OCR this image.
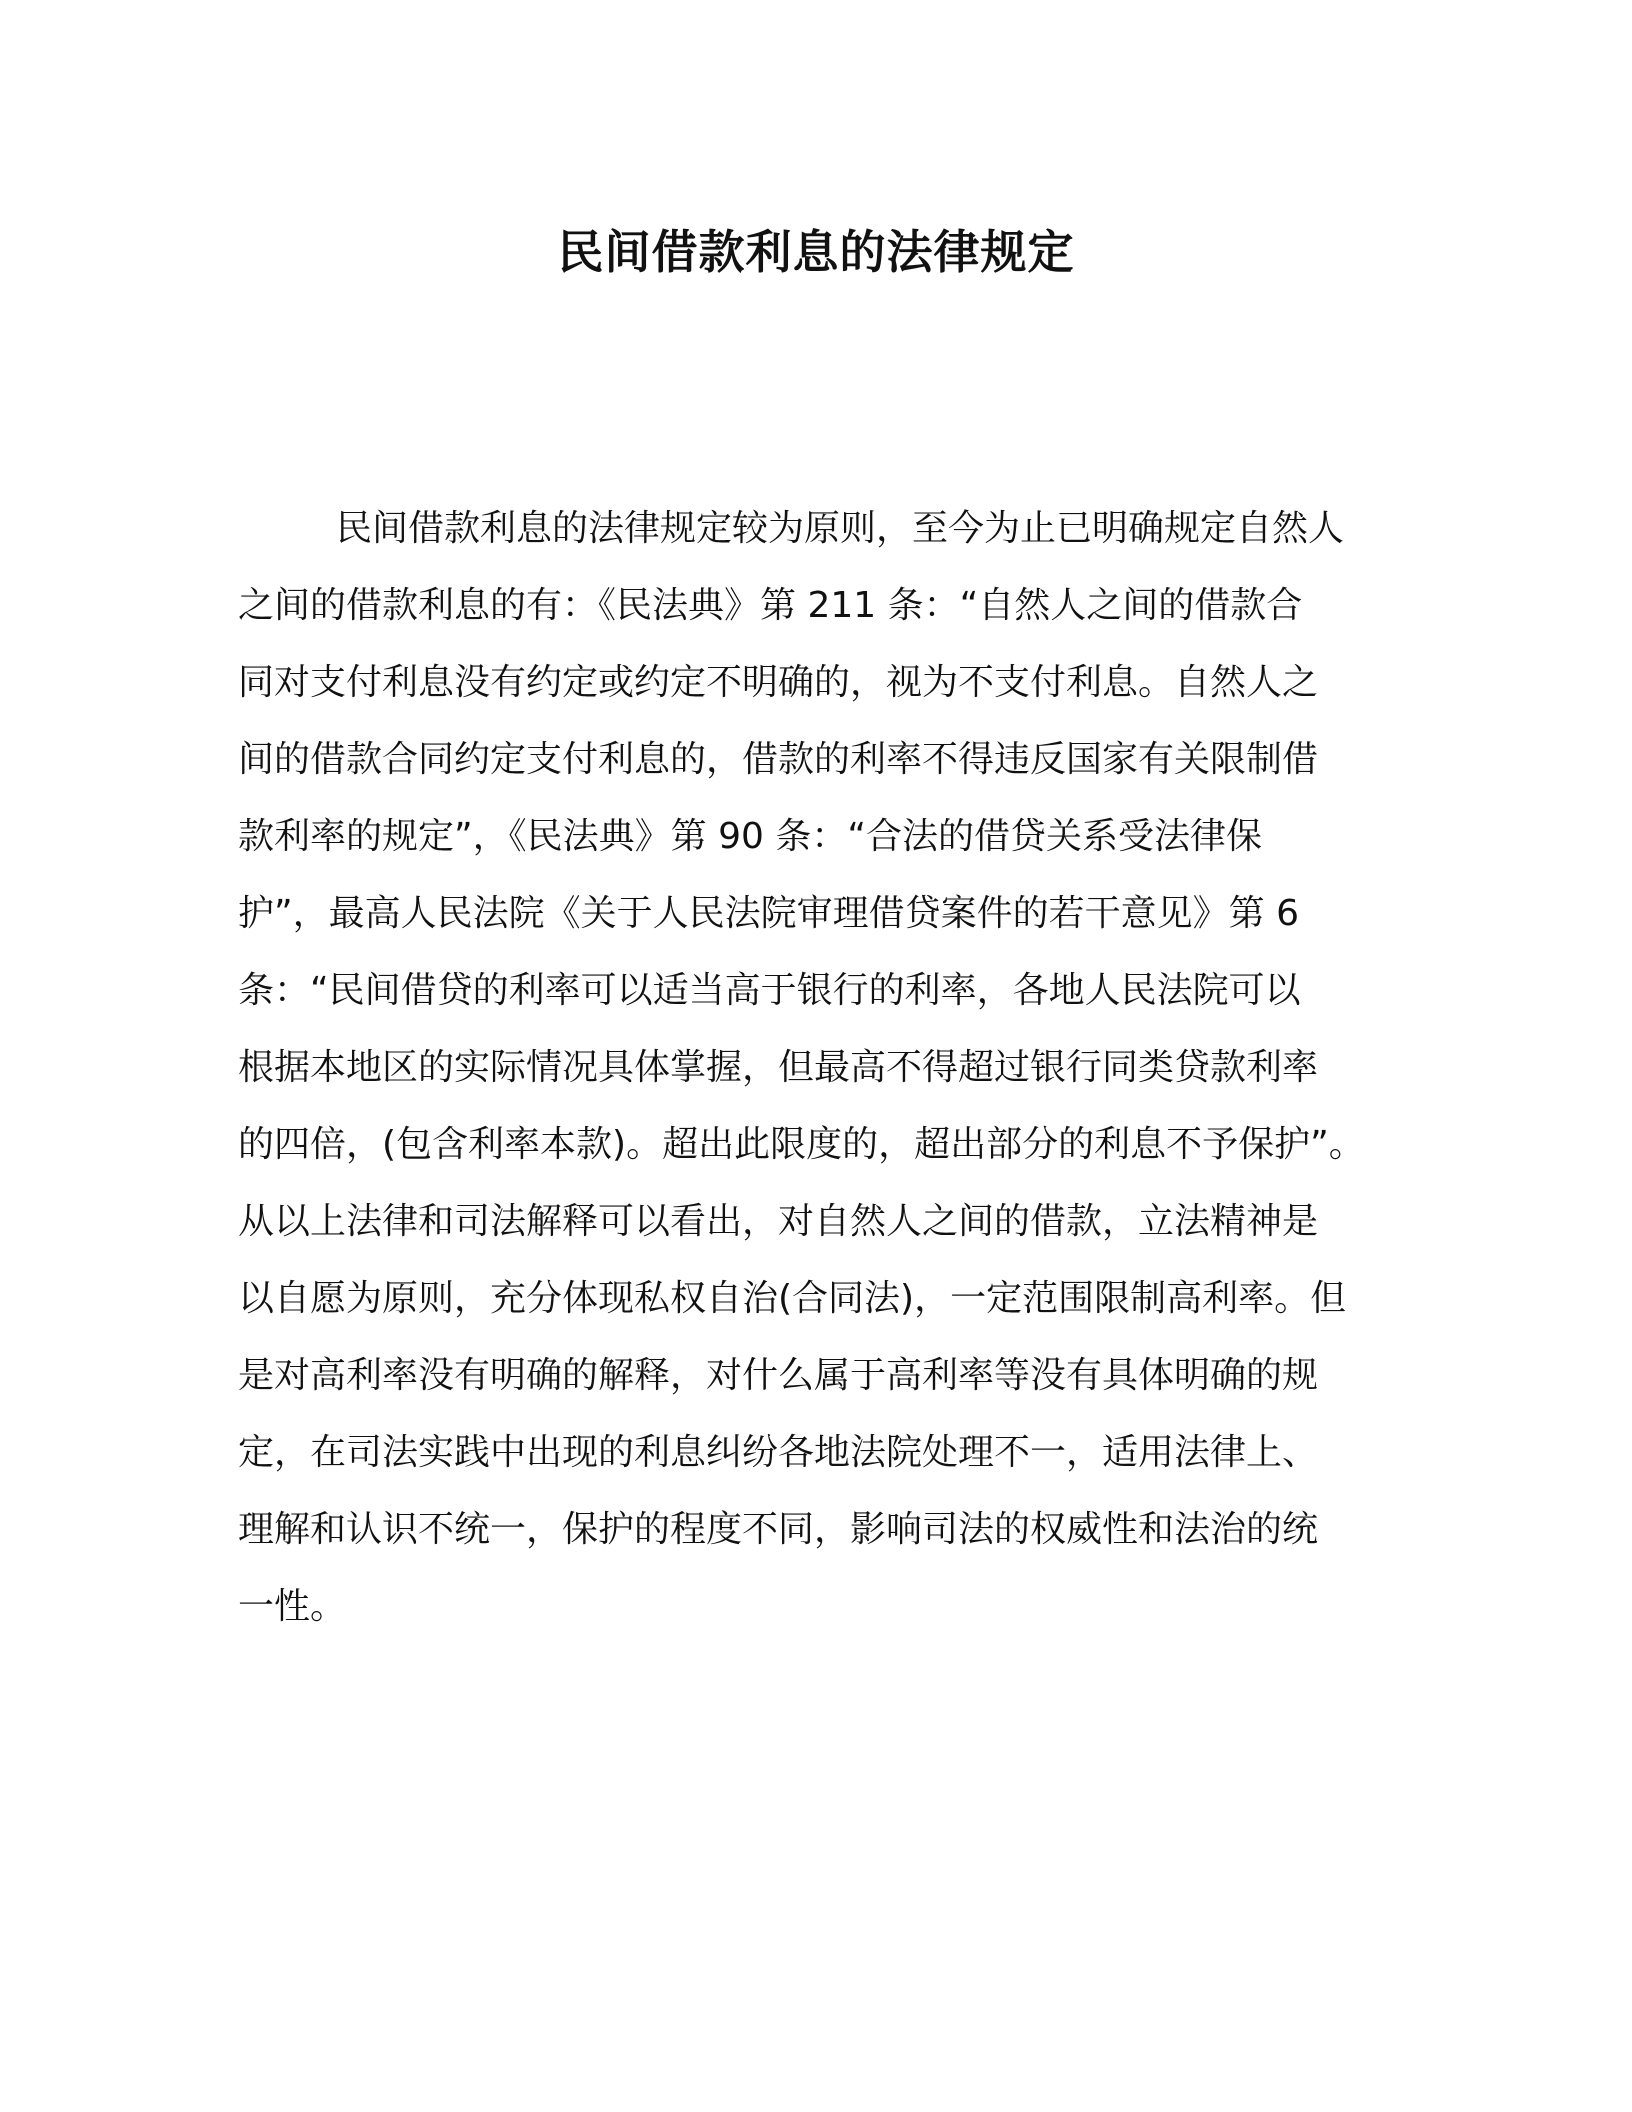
民间借款利息的法律规定
民间借款利息的法律规定较为原则，至今为止已明确规定自然人
之间的借款利息的有：《民法典》第 211 条：“自然人之间的借款合
同对支付利息没有约定或约定不明确的，视为不支付利息。自然人之
间的借款合同约定支付利息的，借款的利率不得违反国家有关限制借
款利率的规定”，《民法典》第 90 条：“合法的借贷关系受法律保
护”，最高人民法院《关于人民法院审理借贷案件的若干意见》第 6
条：“民间借贷的利率可以适当高于银行的利率，各地人民法院可以
根据本地区的实际情况具体掌握，但最高不得超过银行同类贷款利率
的四倍，(包含利率本款)。超出此限度的，超出部分的利息不予保护”。
从以上法律和司法解释可以看出，对自然人之间的借款，立法精神是
以自愿为原则，充分体现私权自治(合同法)，一定范围限制高利率。但
是对高利率没有明确的解释，对什么属于高利率等没有具体明确的规
定，在司法实践中出现的利息纠纷各地法院处理不一，适用法律上、
理解和认识不统一，保护的程度不同，影响司法的权威性和法治的统
一性。
